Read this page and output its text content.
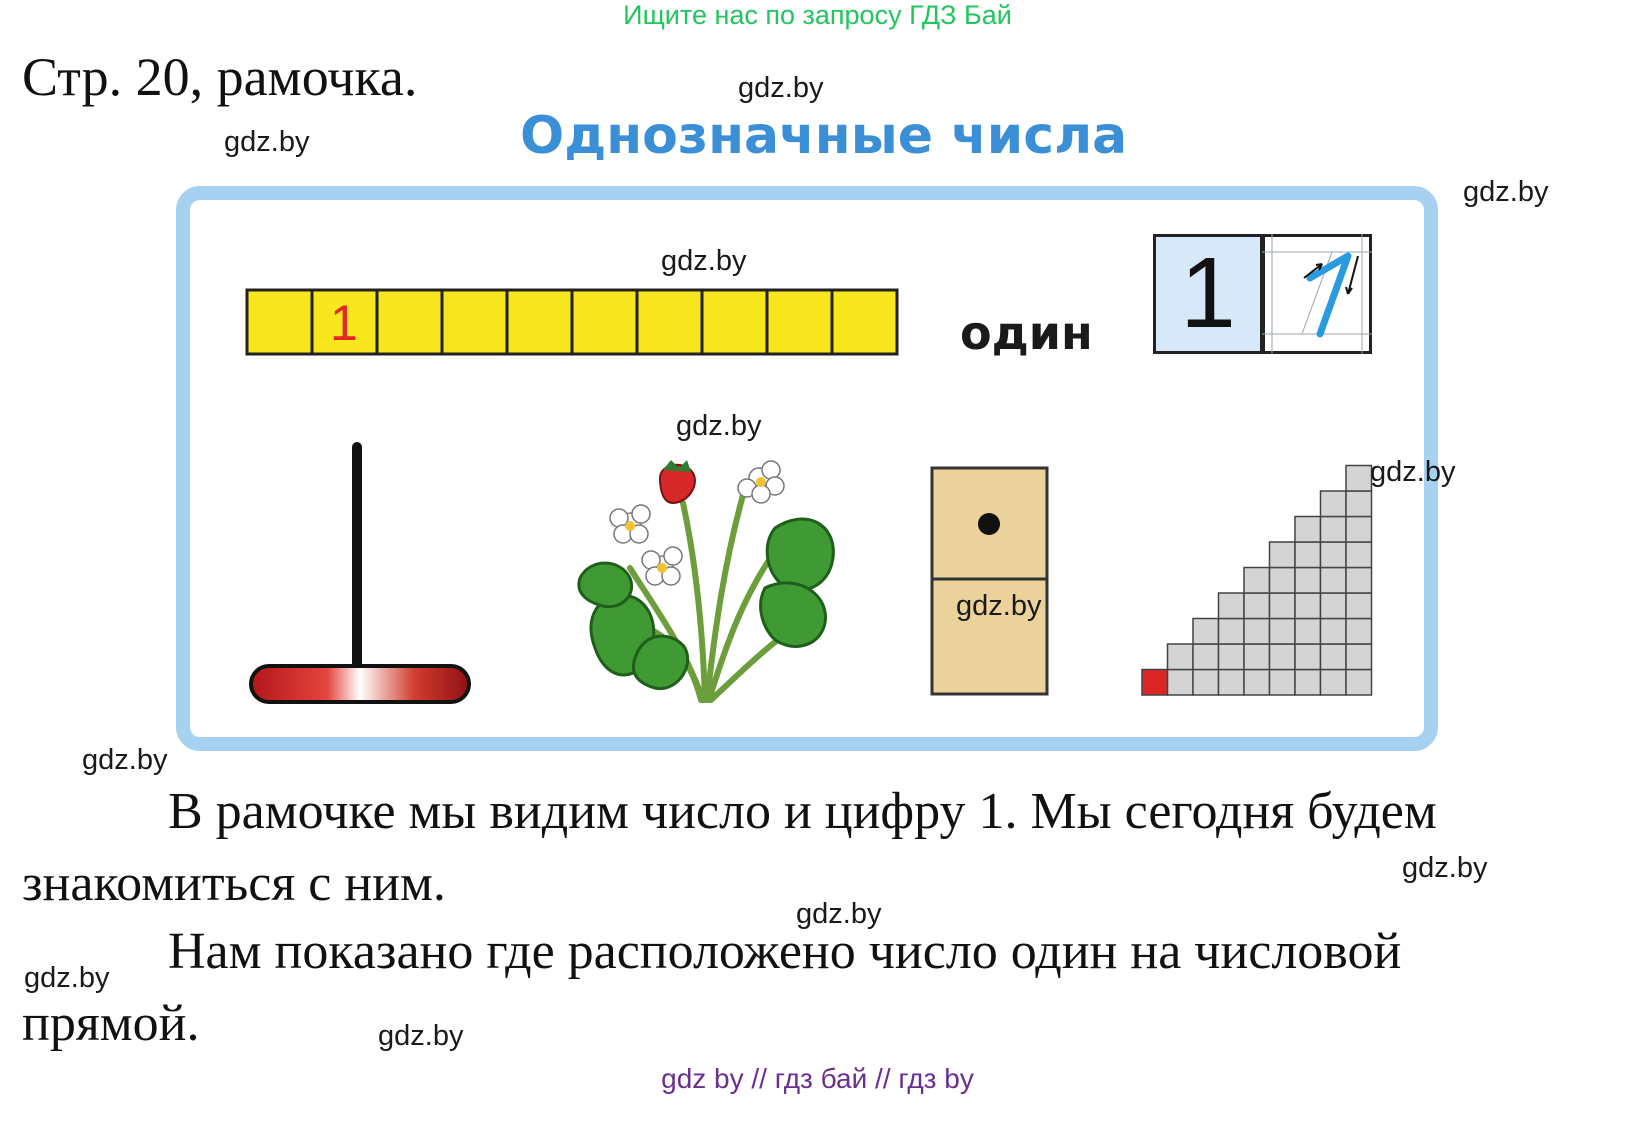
Ищите нас по запросу ГДЗ Бай
Стр. 20, рамочка.
Однозначные числа
1	один 1
В рамочке мы видим число и цифру 1. Мы сегодня будем
знакомиться с ним.
Нам показано где расположено число один на числовой
прямой.
gdz.by
gdz.by
gdz.by
gdz.by
gdz.by
gdz.by
gdz.by
gdz.by
gdz.by
gdz.by
gdz.by
gdz.by
gdz by // гдз бай // гдз by
